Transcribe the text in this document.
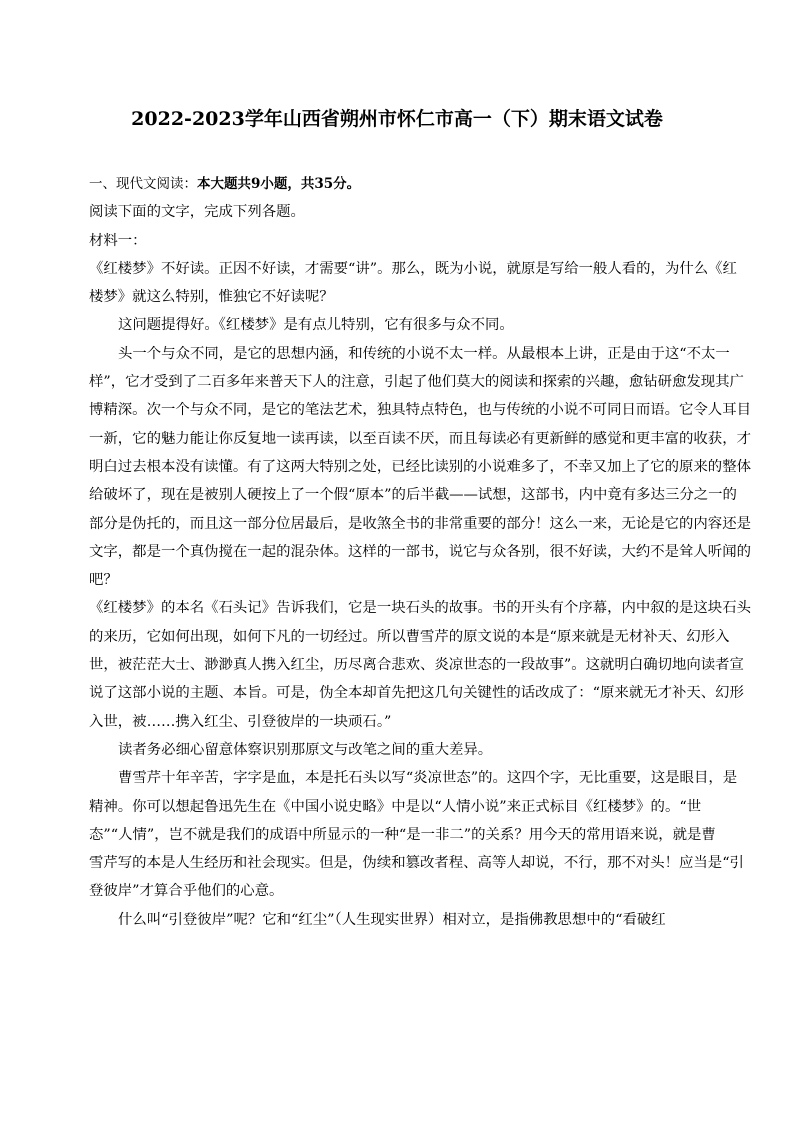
2022-2023学年山西省朔州市怀仁市高一（下）期末语文试卷

一、现代文阅读：本大题共9小题，共35分。

阅读下面的文字，完成下列各题。

材料一：

《红楼梦》不好读。正因不好读，才需要“讲”。那么，既为小说，就原是写给一般人看的，为什么《红

楼梦》就这么特别，惟独它不好读呢？

这问题提得好。《红楼梦》是有点儿特别，它有很多与众不同。

头一个与众不同，是它的思想内涵，和传统的小说不太一样。从最根本上讲，正是由于这“不太一

样”，它才受到了二百多年来普天下人的注意，引起了他们莫大的阅读和探索的兴趣，愈钻研愈发现其广

博精深。次一个与众不同，是它的笔法艺术，独具特点特色，也与传统的小说不可同日而语。它令人耳目

一新，它的魅力能让你反复地一读再读，以至百读不厌，而且每读必有更新鲜的感觉和更丰富的收获，才

明白过去根本没有读懂。有了这两大特别之处，已经比读别的小说难多了，不幸又加上了它的原来的整体

给破坏了，现在是被别人硬按上了一个假“原本”的后半截——试想，这部书，内中竟有多达三分之一的

部分是伪托的，而且这一部分位居最后，是收煞全书的非常重要的部分！这么一来，无论是它的内容还是

文字，都是一个真伪搅在一起的混杂体。这样的一部书，说它与众各别，很不好读，大约不是耸人听闻的

吧？

《红楼梦》的本名《石头记》告诉我们，它是一块石头的故事。书的开头有个序幕，内中叙的是这块石头

的来历，它如何出现，如何下凡的一切经过。所以曹雪芹的原文说的本是“原来就是无材补天、幻形入

世，被茫茫大士、渺渺真人携入红尘，历尽离合悲欢、炎凉世态的一段故事”。这就明白确切地向读者宣

说了这部小说的主题、本旨。可是，伪全本却首先把这几句关键性的话改成了：“原来就无才补天、幻形

入世，被……携入红尘、引登彼岸的一块顽石。”

读者务必细心留意体察识别那原文与改笔之间的重大差异。

曹雪芹十年辛苦，字字是血，本是托石头以写“炎凉世态”的。这四个字，无比重要，这是眼目，是

精神。你可以想起鲁迅先生在《中国小说史略》中是以“人情小说”来正式标目《红楼梦》的。“世

态”“人情”，岂不就是我们的成语中所显示的一种“是一非二”的关系？用今天的常用语来说，就是曹

雪芹写的本是人生经历和社会现实。但是，伪续和篡改者程、高等人却说，不行，那不对头！应当是“引

登彼岸”才算合乎他们的心意。

什么叫“引登彼岸”呢？它和“红尘”（人生现实世界）相对立，是指佛教思想中的“看破红
